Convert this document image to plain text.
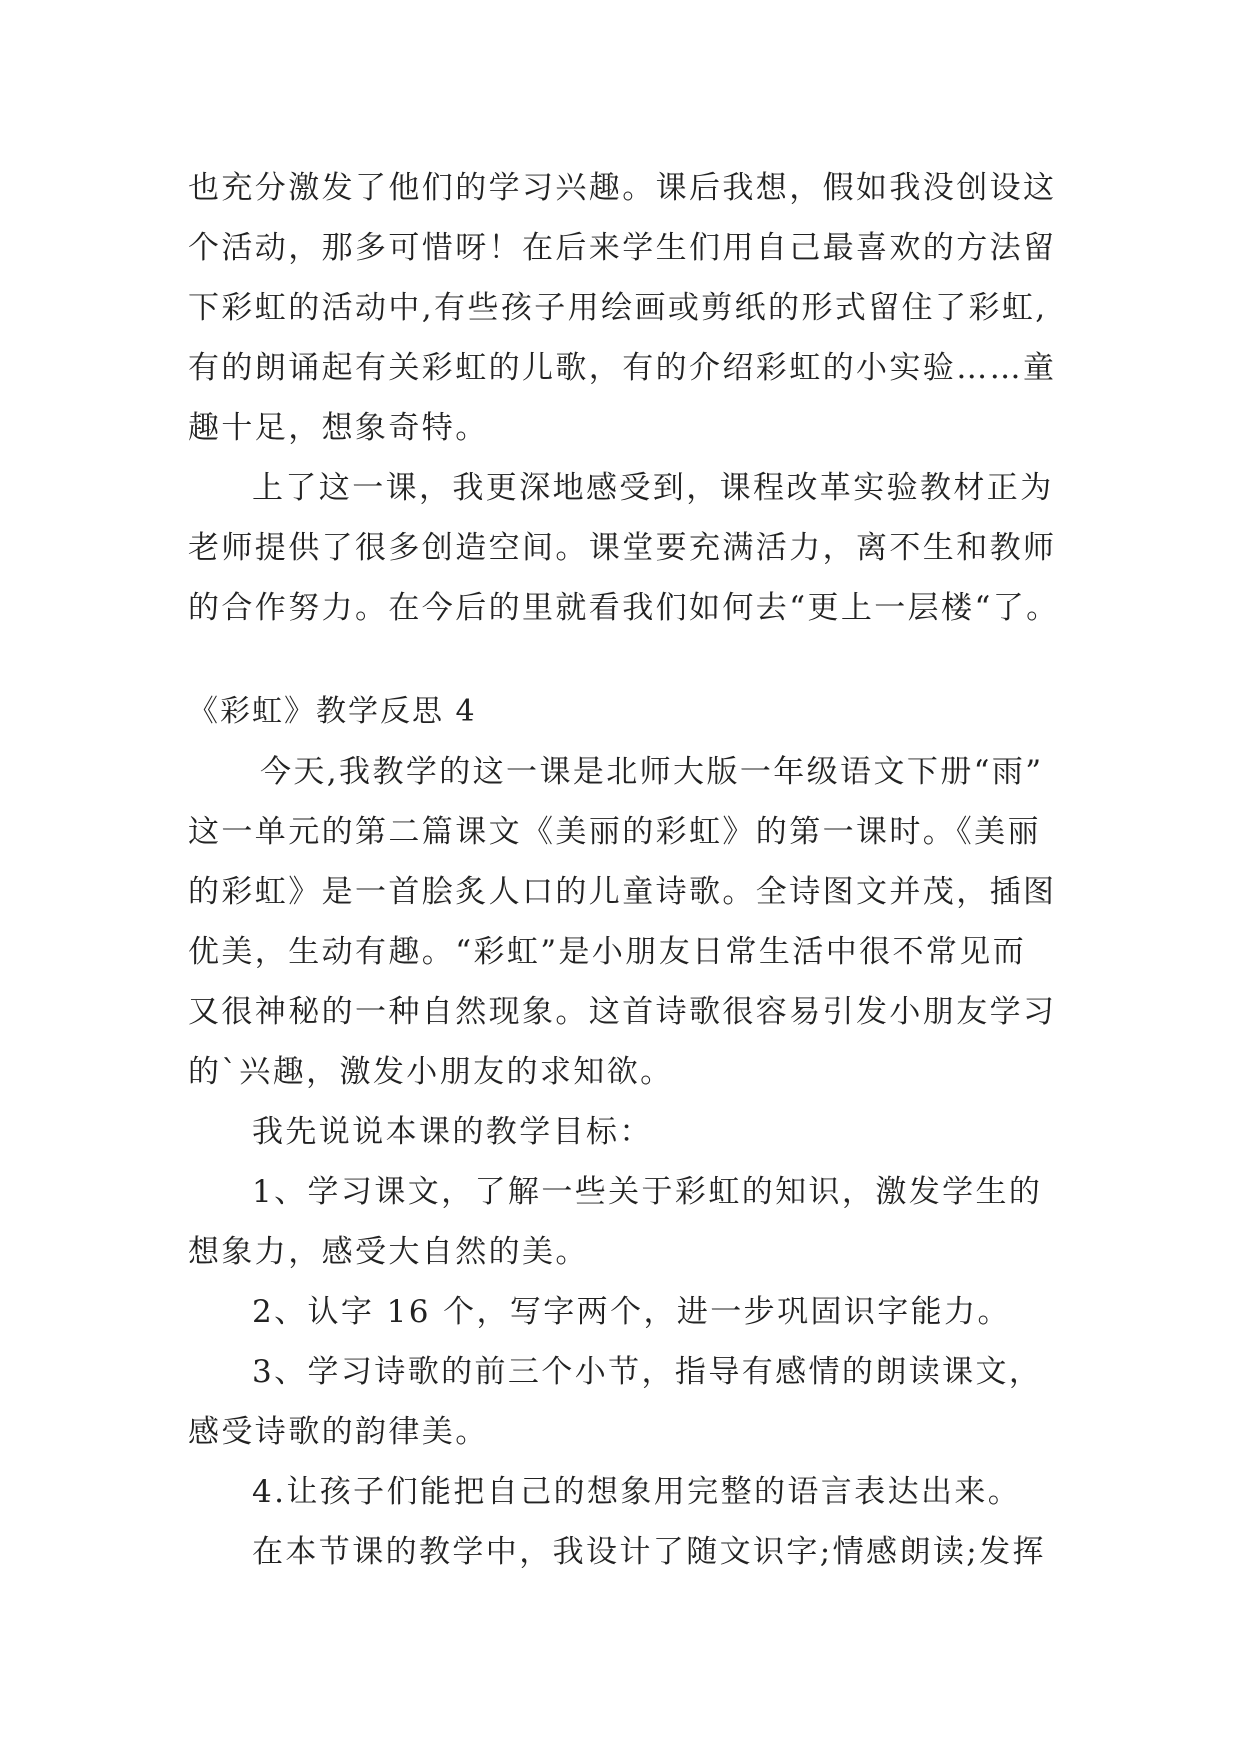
也充分激发了他们的学习兴趣。课后我想，假如我没创设这
个活动，那多可惜呀！在后来学生们用自己最喜欢的方法留
下彩虹的活动中,有些孩子用绘画或剪纸的形式留住了彩虹,
有的朗诵起有关彩虹的儿歌，有的介绍彩虹的小实验……童
趣十足，想象奇特。
上了这一课，我更深地感受到，课程改革实验教材正为
老师提供了很多创造空间。课堂要充满活力，离不生和教师
的合作努力。在今后的里就看我们如何去“更上一层楼“了。
《彩虹》教学反思 4
今天,我教学的这一课是北师大版一年级语文下册“雨”
这一单元的第二篇课文《美丽的彩虹》的第一课时。《美丽
的彩虹》是一首脍炙人口的儿童诗歌。全诗图文并茂，插图
优美，生动有趣。“彩虹”是小朋友日常生活中很不常见而
又很神秘的一种自然现象。这首诗歌很容易引发小朋友学习
的`兴趣，激发小朋友的求知欲。
我先说说本课的教学目标：
1、学习课文，了解一些关于彩虹的知识，激发学生的
想象力，感受大自然的美。
2、认字 16 个，写字两个，进一步巩固识字能力。
3、学习诗歌的前三个小节，指导有感情的朗读课文，
感受诗歌的韵律美。
4.让孩子们能把自己的想象用完整的语言表达出来。
在本节课的教学中，我设计了随文识字;情感朗读;发挥
